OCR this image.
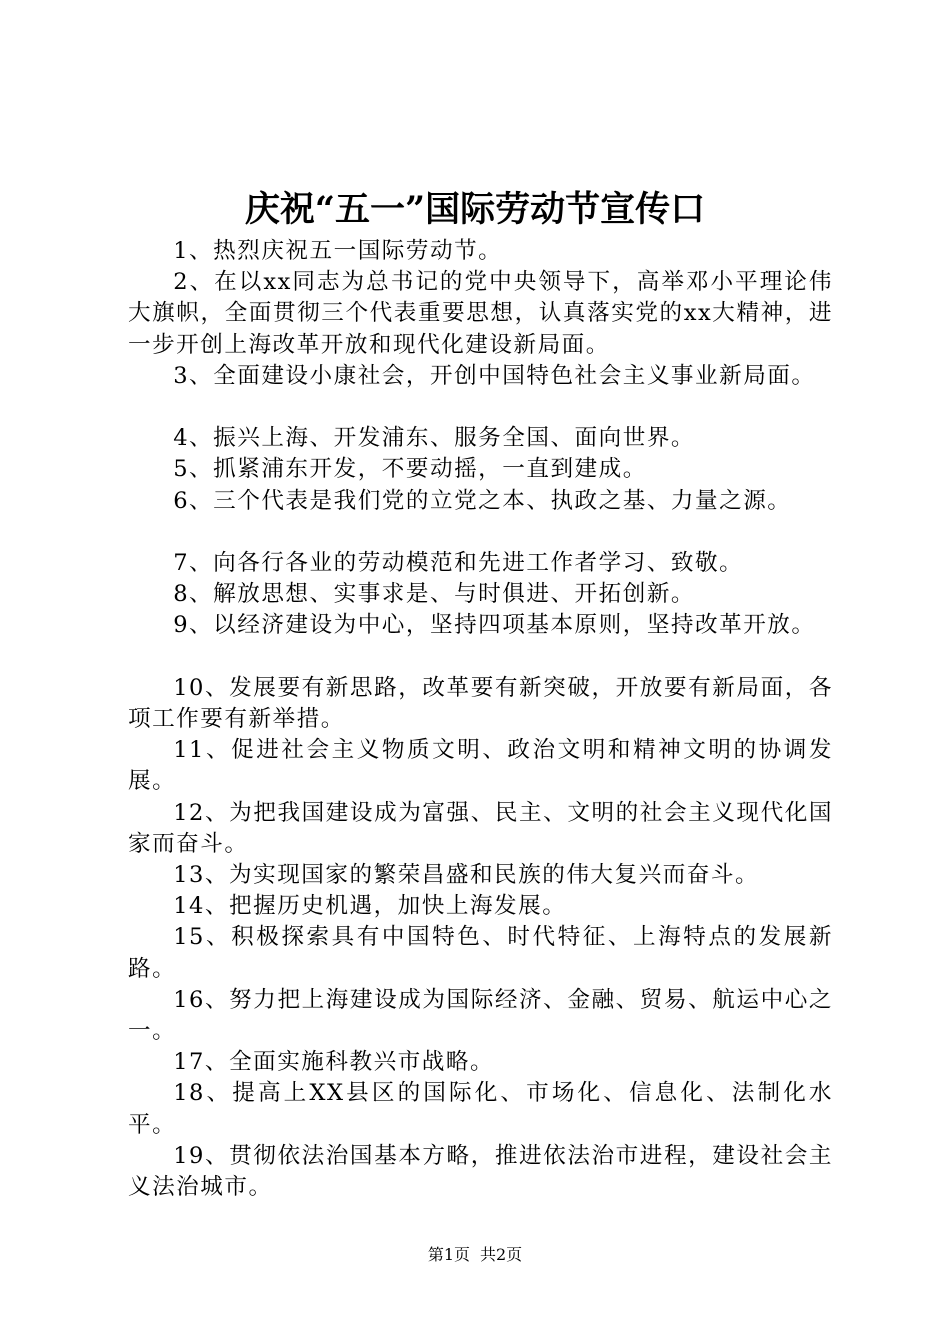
庆祝“五一”国际劳动节宣传口

1、热烈庆祝五一国际劳动节。

2、在以xx同志为总书记的党中央领导下，高举邓小平理论伟大旗帜，全面贯彻三个代表重要思想，认真落实党的xx大精神，进一步开创上海改革开放和现代化建设新局面。

3、全面建设小康社会，开创中国特色社会主义事业新局面。

4、振兴上海、开发浦东、服务全国、面向世界。

5、抓紧浦东开发，不要动摇，一直到建成。

6、三个代表是我们党的立党之本、执政之基、力量之源。

7、向各行各业的劳动模范和先进工作者学习、致敬。

8、解放思想、实事求是、与时俱进、开拓创新。

9、以经济建设为中心，坚持四项基本原则，坚持改革开放。

10、发展要有新思路，改革要有新突破，开放要有新局面，各项工作要有新举措。

11、促进社会主义物质文明、政治文明和精神文明的协调发展。

12、为把我国建设成为富强、民主、文明的社会主义现代化国家而奋斗。

13、为实现国家的繁荣昌盛和民族的伟大复兴而奋斗。

14、把握历史机遇，加快上海发展。

15、积极探索具有中国特色、时代特征、上海特点的发展新路。

16、努力把上海建设成为国际经济、金融、贸易、航运中心之一。

17、全面实施科教兴市战略。

18、提高上XX县区的国际化、市场化、信息化、法制化水平。

19、贯彻依法治国基本方略，推进依法治市进程，建设社会主义法治城市。

第1页 共2页
